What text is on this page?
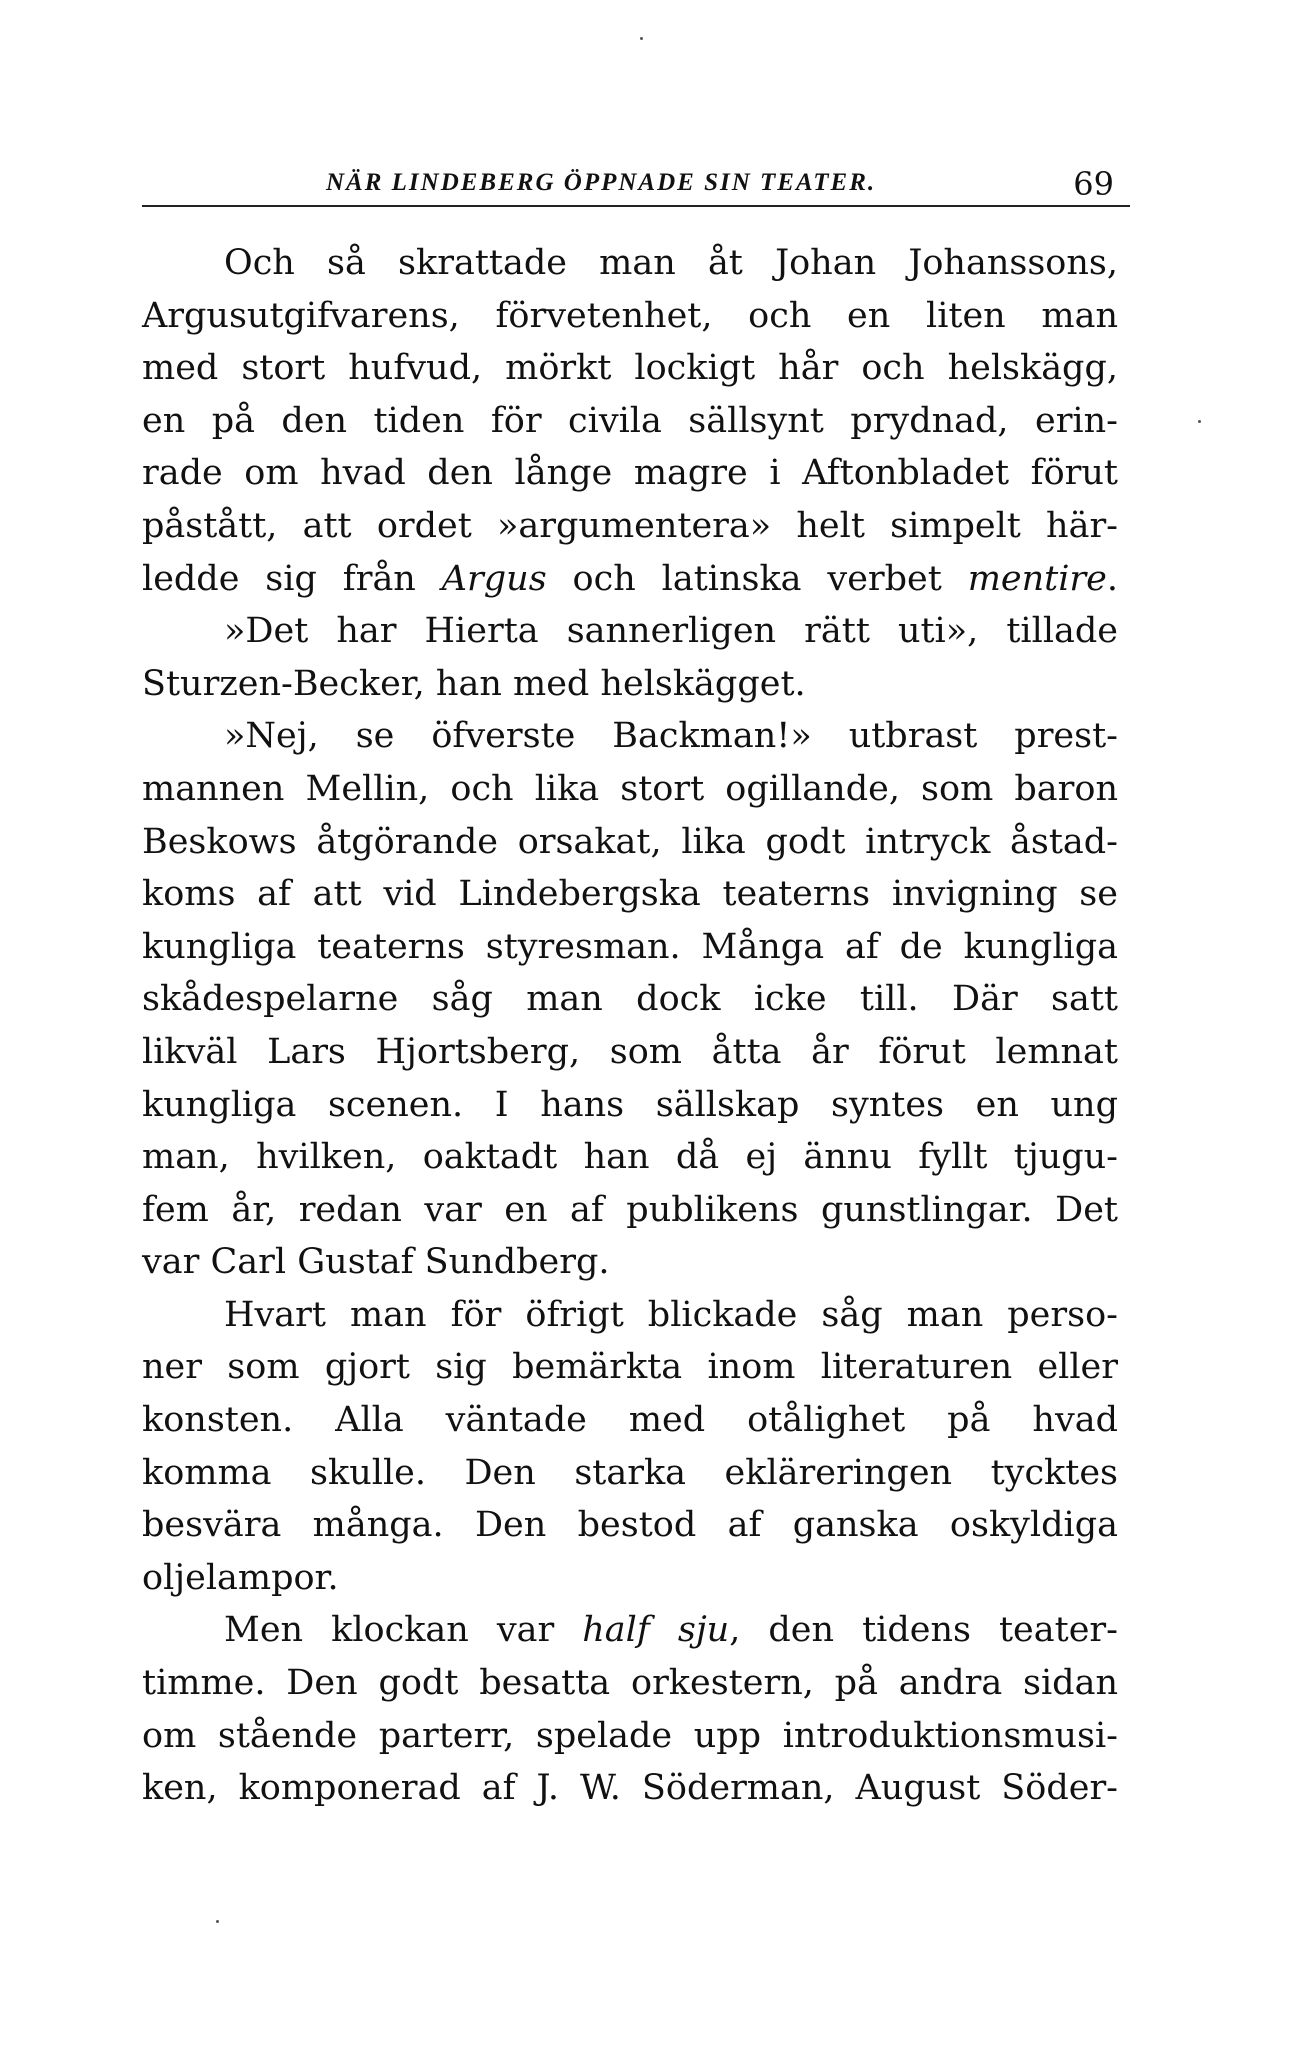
NÄR LINDEBERG ÖPPNADE SIN TEATER.	69
Och så skrattade man åt Johan Johanssons,
Argusutgifvarens, förvetenhet, och en liten man
med stort hufvud, mörkt lockigt hår och helskägg,
en på den tiden för civila sällsynt prydnad, erin-
rade om hvad den långe magre i Aftonbladet förut
påstått, att ordet »argumentera» helt simpelt här-
ledde sig från Argus och latinska verbet mentire.
»Det har Hierta sannerligen rätt uti», tillade
Sturzen-Becker, han med helskägget.
»Nej, se öfverste Backman!» utbrast prest-
mannen Mellin, och lika stort ogillande, som baron
Beskows åtgörande orsakat, lika godt intryck åstad-
koms af att vid Lindebergska teaterns invigning se
kungliga teaterns styresman. Många af de kungliga
skådespelarne såg man dock icke till. Där satt
likväl Lars Hjortsberg, som åtta år förut lemnat
kungliga scenen. I hans sällskap syntes en ung
man, hvilken, oaktadt han då ej ännu fyllt tjugu-
fem år, redan var en af publikens gunstlingar. Det
var Carl Gustaf Sundberg.
Hvart man för öfrigt blickade såg man perso-
ner som gjort sig bemärkta inom literaturen eller
konsten. Alla väntade med otålighet på hvad
komma skulle. Den starka ekläreringen tycktes
besvära många. Den bestod af ganska oskyldiga
oljelampor.
Men klockan var half sju, den tidens teater-
timme. Den godt besatta orkestern, på andra sidan
om stående parterr, spelade upp introduktionsmusi-
ken, komponerad af J. W. Söderman, August Söder-
